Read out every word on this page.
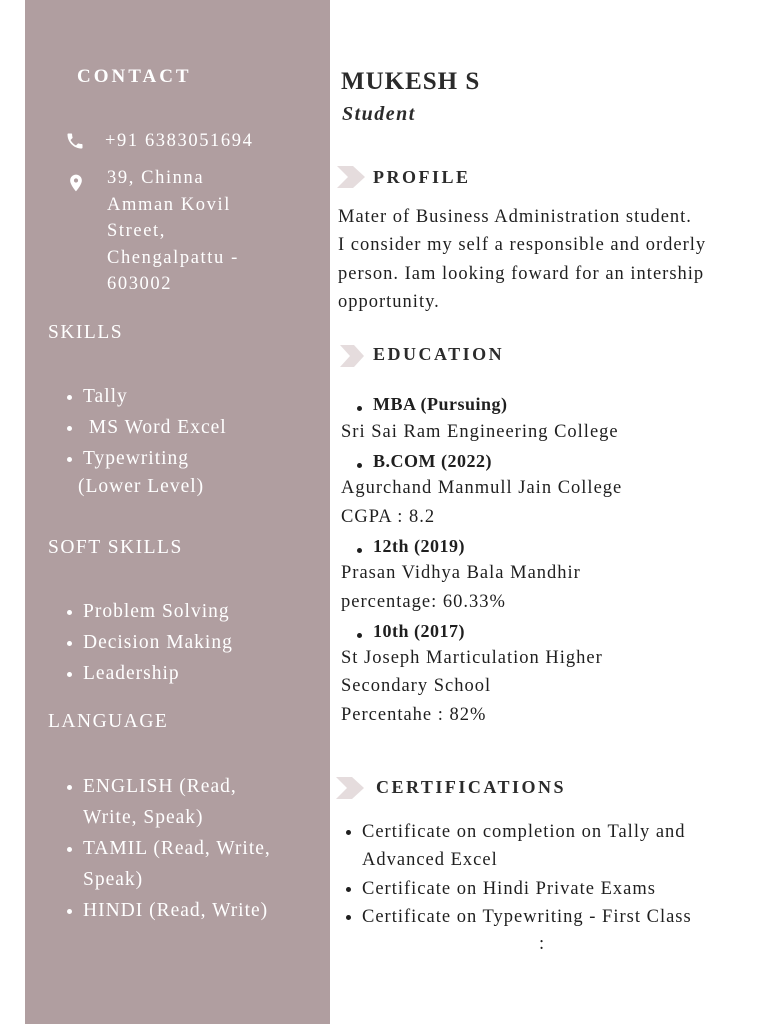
CONTACT
+91 6383051694
39, Chinna
Amman Kovil
Street,
Chengalpattu -
603002
SKILLS
Tally
MS Word Excel
Typewriting
(Lower Level)
SOFT SKILLS
Problem Solving
Decision Making
Leadership
LANGUAGE
ENGLISH (Read,
Write, Speak)
TAMIL (Read, Write,
Speak)
HINDI (Read, Write)
MUKESH S
Student
PROFILE
Mater of Business Administration student.
I consider my self a responsible and orderly
person. Iam looking foward for an intership
opportunity.
EDUCATION
MBA (Pursuing)
Sri Sai Ram Engineering College
B.COM (2022)
Agurchand Manmull Jain College
CGPA : 8.2
12th (2019)
Prasan Vidhya Bala Mandhir
percentage: 60.33%
10th (2017)
St Joseph Marticulation Higher
Secondary School
Percentahe : 82%
CERTIFICATIONS
Certificate on completion on Tally and
Advanced Excel
Certificate on Hindi Private Exams
Certificate on Typewriting - First Class
:
